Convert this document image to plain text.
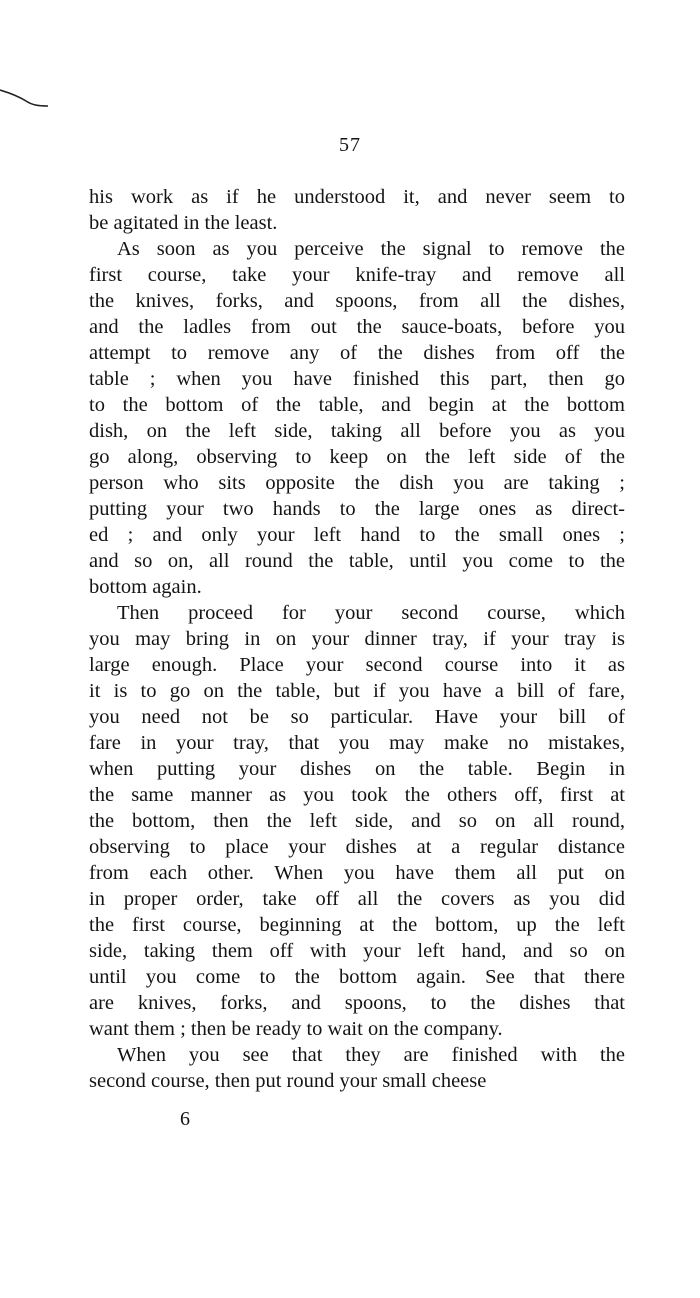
57
his work as if he understood it, and never seem to
be agitated in the least.
As soon as you perceive the signal to remove the
first course, take your knife-tray and remove all
the knives, forks, and spoons, from all the dishes,
and the ladles from out the sauce-boats, before you
attempt to remove any of the dishes from off the
table ; when you have finished this part, then go
to the bottom of the table, and begin at the bottom
dish, on the left side, taking all before you as you
go along, observing to keep on the left side of the
person who sits opposite the dish you are taking ;
putting your two hands to the large ones as direct-
ed ; and only your left hand to the small ones ;
and so on, all round the table, until you come to the
bottom again.
Then proceed for your second course, which
you may bring in on your dinner tray, if your tray is
large enough. Place your second course into it as
it is to go on the table, but if you have a bill of fare,
you need not be so particular. Have your bill of
fare in your tray, that you may make no mistakes,
when putting your dishes on the table. Begin in
the same manner as you took the others off, first at
the bottom, then the left side, and so on all round,
observing to place your dishes at a regular distance
from each other. When you have them all put on
in proper order, take off all the covers as you did
the first course, beginning at the bottom, up the left
side, taking them off with your left hand, and so on
until you come to the bottom again. See that there
are knives, forks, and spoons, to the dishes that
want them ; then be ready to wait on the company.
When you see that they are finished with the
second course, then put round your small cheese
6
